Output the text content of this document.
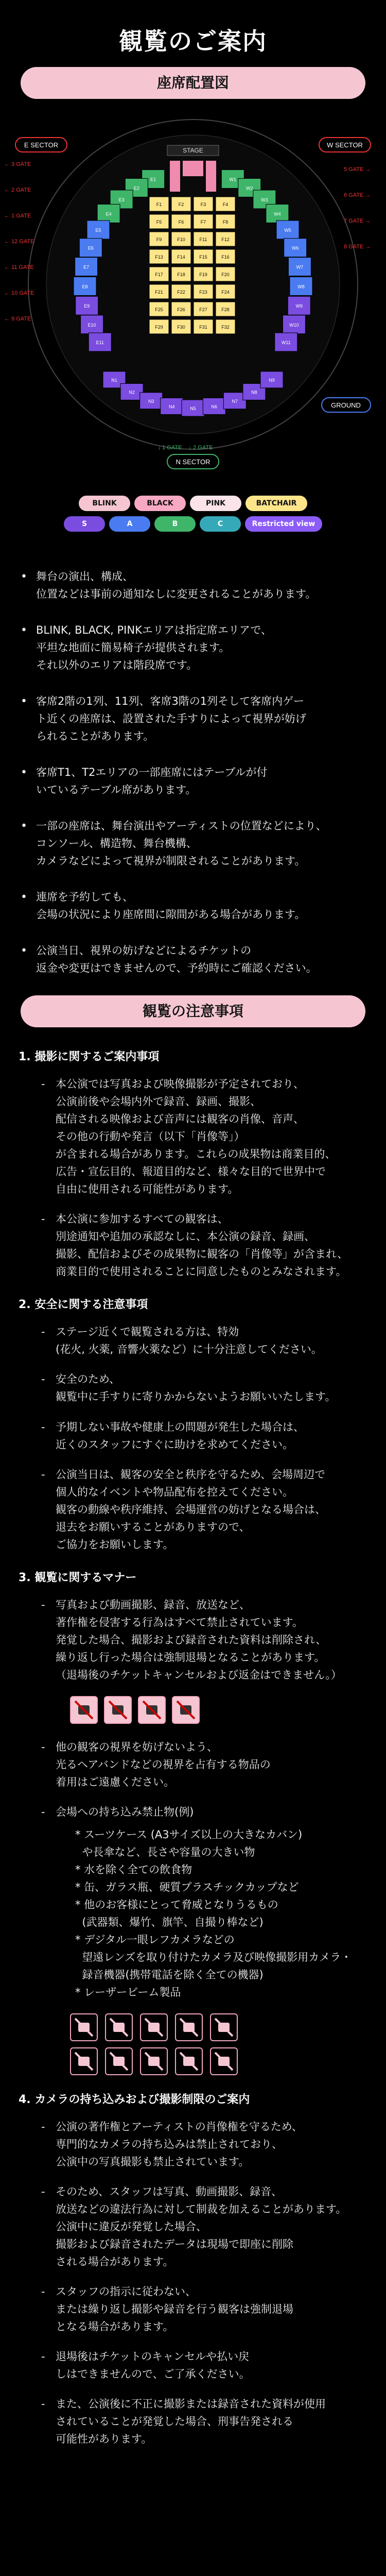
観覧のご案内
座席配置図
STAGE
F1	F2	F3	F4
F5	F6	F7	F8
F9	F10	F11	F12
F13	F14	F15	F16
F17	F18	F19	F20
F21	F22	F23	F24
F25	F26	F27	F28
F29	F30	F31	F32
E1
E2
E3
E4
E5
E6
E7
E8
E9
E10
E11
W1
W2
W3
W4
W5
W6
W7
W8
W9
W10
W11
N1
N2
N3
N4	N5	N6
N7
N8
N9
E SECTOR	W SECTOR
GROUND
N SECTOR
← 3 GATE
← 2 GATE
← 1 GATE
← 12 GATE
← 11 GATE
← 10 GATE
← 9 GATE
5 GATE →
6 GATE →
7 GATE →
8 GATE →
↓ 1 GATE ↓ 2 GATE
BLINK	BLACK	PINK	BATCHAIR
S	A	B	C	Restricted view
• 舞台の演出、構成、
位置などは事前の通知なしに変更されることがあります。
• BLINK, BLACK, PINKエリアは指定席エリアで、
平坦な地面に簡易椅子が提供されます。
それ以外のエリアは階段席です。
• 客席2階の1列、11列、客席3階の1列そして客席内ゲー
ト近くの座席は、設置された手すりによって視界が妨げ
られることがあります。
• 客席T1、T2エリアの一部座席にはテーブルが付
いているテーブル席があります。
• 一部の座席は、舞台演出やアーティストの位置などにより、
コンソール、構造物、舞台機構、
カメラなどによって視界が制限されることがあります。
• 連席を予約しても、
会場の状況により座席間に隙間がある場合があります。
• 公演当日、視界の妨げなどによるチケットの
返金や変更はできませんので、予約時にご確認ください。
観覧の注意事項
1. 撮影に関するご案内事項
- 本公演では写真および映像撮影が予定されており、
公演前後や会場内外で録音、録画、撮影、
配信される映像および音声には観客の肖像、音声、
その他の行動や発言（以下「肖像等」）
が含まれる場合があります。これらの成果物は商業目的、
広告・宣伝目的、報道目的など、様々な目的で世界中で
自由に使用される可能性があります。
- 本公演に参加するすべての観客は、
別途通知や追加の承認なしに、本公演の録音、録画、
撮影、配信およびその成果物に観客の「肖像等」が含まれ、
商業目的で使用されることに同意したものとみなされます。
2. 安全に関する注意事項
- ステージ近くで観覧される方は、特効
(花火, 火薬, 音響火薬など）に十分注意してください。
- 安全のため、
観覧中に手すりに寄りかからないようお願いいたします。
- 予期しない事故や健康上の問題が発生した場合は、
近くのスタッフにすぐに助けを求めてください。
- 公演当日は、観客の安全と秩序を守るため、会場周辺で
個人的なイベントや物品配布を控えてください。
観客の動線や秩序維持、会場運営の妨げとなる場合は、
退去をお願いすることがありますので、
ご協力をお願いします。
3. 観覧に関するマナー
- 写真および動画撮影、録音、放送など、
著作権を侵害する行為はすべて禁止されています。
発覚した場合、撮影および録音された資料は削除され、
繰り返し行った場合は強制退場となることがあります。
（退場後のチケットキャンセルおよび返金はできません。）
- 他の観客の視界を妨げないよう、
光るヘアバンドなどの視界を占有する物品の
着用はご遠慮ください。
- 会場への持ち込み禁止物(例)
* スーツケース (A3サイズ以上の大きなカバン)
や長傘など、長さや容量の大きい物
* 水を除く全ての飲食物
* 缶、ガラス瓶、硬質プラスチックカップなど
* 他のお客様にとって脅威となりうるもの
(武器類、爆竹、旗竿、自撮り棒など)
* デジタル一眼レフカメラなどの
望遠レンズを取り付けたカメラ及び映像撮影用カメラ・
録音機器(携帯電話を除く全ての機器)
* レーザービーム製品
4. カメラの持ち込みおよび撮影制限のご案内
- 公演の著作権とアーティストの肖像権を守るため、
専門的なカメラの持ち込みは禁止されており、
公演中の写真撮影も禁止されています。
- そのため、スタッフは写真、動画撮影、録音、
放送などの違法行為に対して制裁を加えることがあります。
公演中に違反が発覚した場合、
撮影および録音されたデータは現場で即座に削除
される場合があります。
- スタッフの指示に従わない、
または繰り返し撮影や録音を行う観客は強制退場
となる場合があります。
- 退場後はチケットのキャンセルや払い戻
しはできませんので、ご了承ください。
- また、公演後に不正に撮影または録音された資料が使用
されていることが発覚した場合、刑事告発される
可能性があります。
